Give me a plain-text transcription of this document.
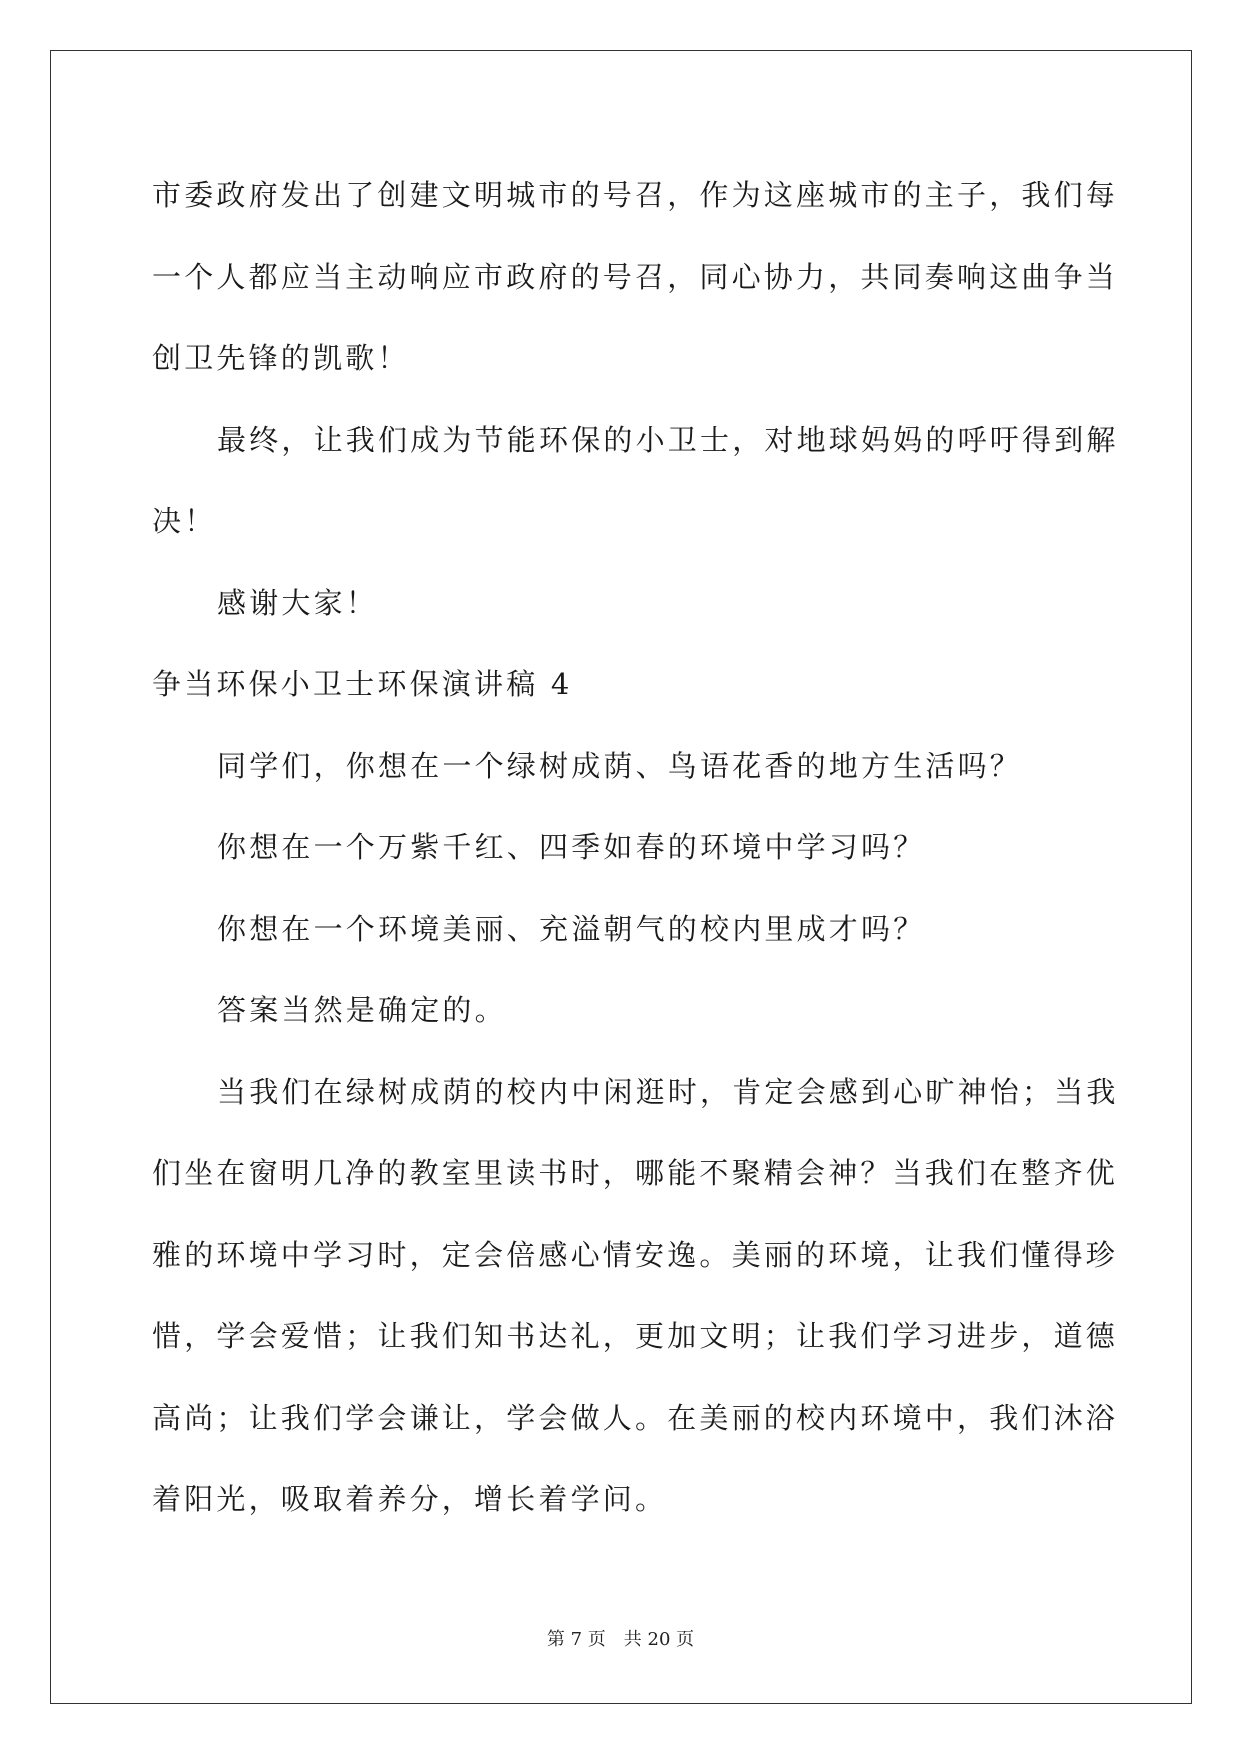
市委政府发出了创建文明城市的号召，作为这座城市的主子，我们每
一个人都应当主动响应市政府的号召，同心协力，共同奏响这曲争当
创卫先锋的凯歌！
最终，让我们成为节能环保的小卫士，对地球妈妈的呼吁得到解
决！
感谢大家！
争当环保小卫士环保演讲稿 4
同学们，你想在一个绿树成荫、鸟语花香的地方生活吗？
你想在一个万紫千红、四季如春的环境中学习吗？
你想在一个环境美丽、充溢朝气的校内里成才吗？
答案当然是确定的。
当我们在绿树成荫的校内中闲逛时，肯定会感到心旷神怡；当我
们坐在窗明几净的教室里读书时，哪能不聚精会神？当我们在整齐优
雅的环境中学习时，定会倍感心情安逸。美丽的环境，让我们懂得珍
惜，学会爱惜；让我们知书达礼，更加文明；让我们学习进步，道德
高尚；让我们学会谦让，学会做人。在美丽的校内环境中，我们沐浴
着阳光，吸取着养分，增长着学问。
第 7 页　共 20 页
